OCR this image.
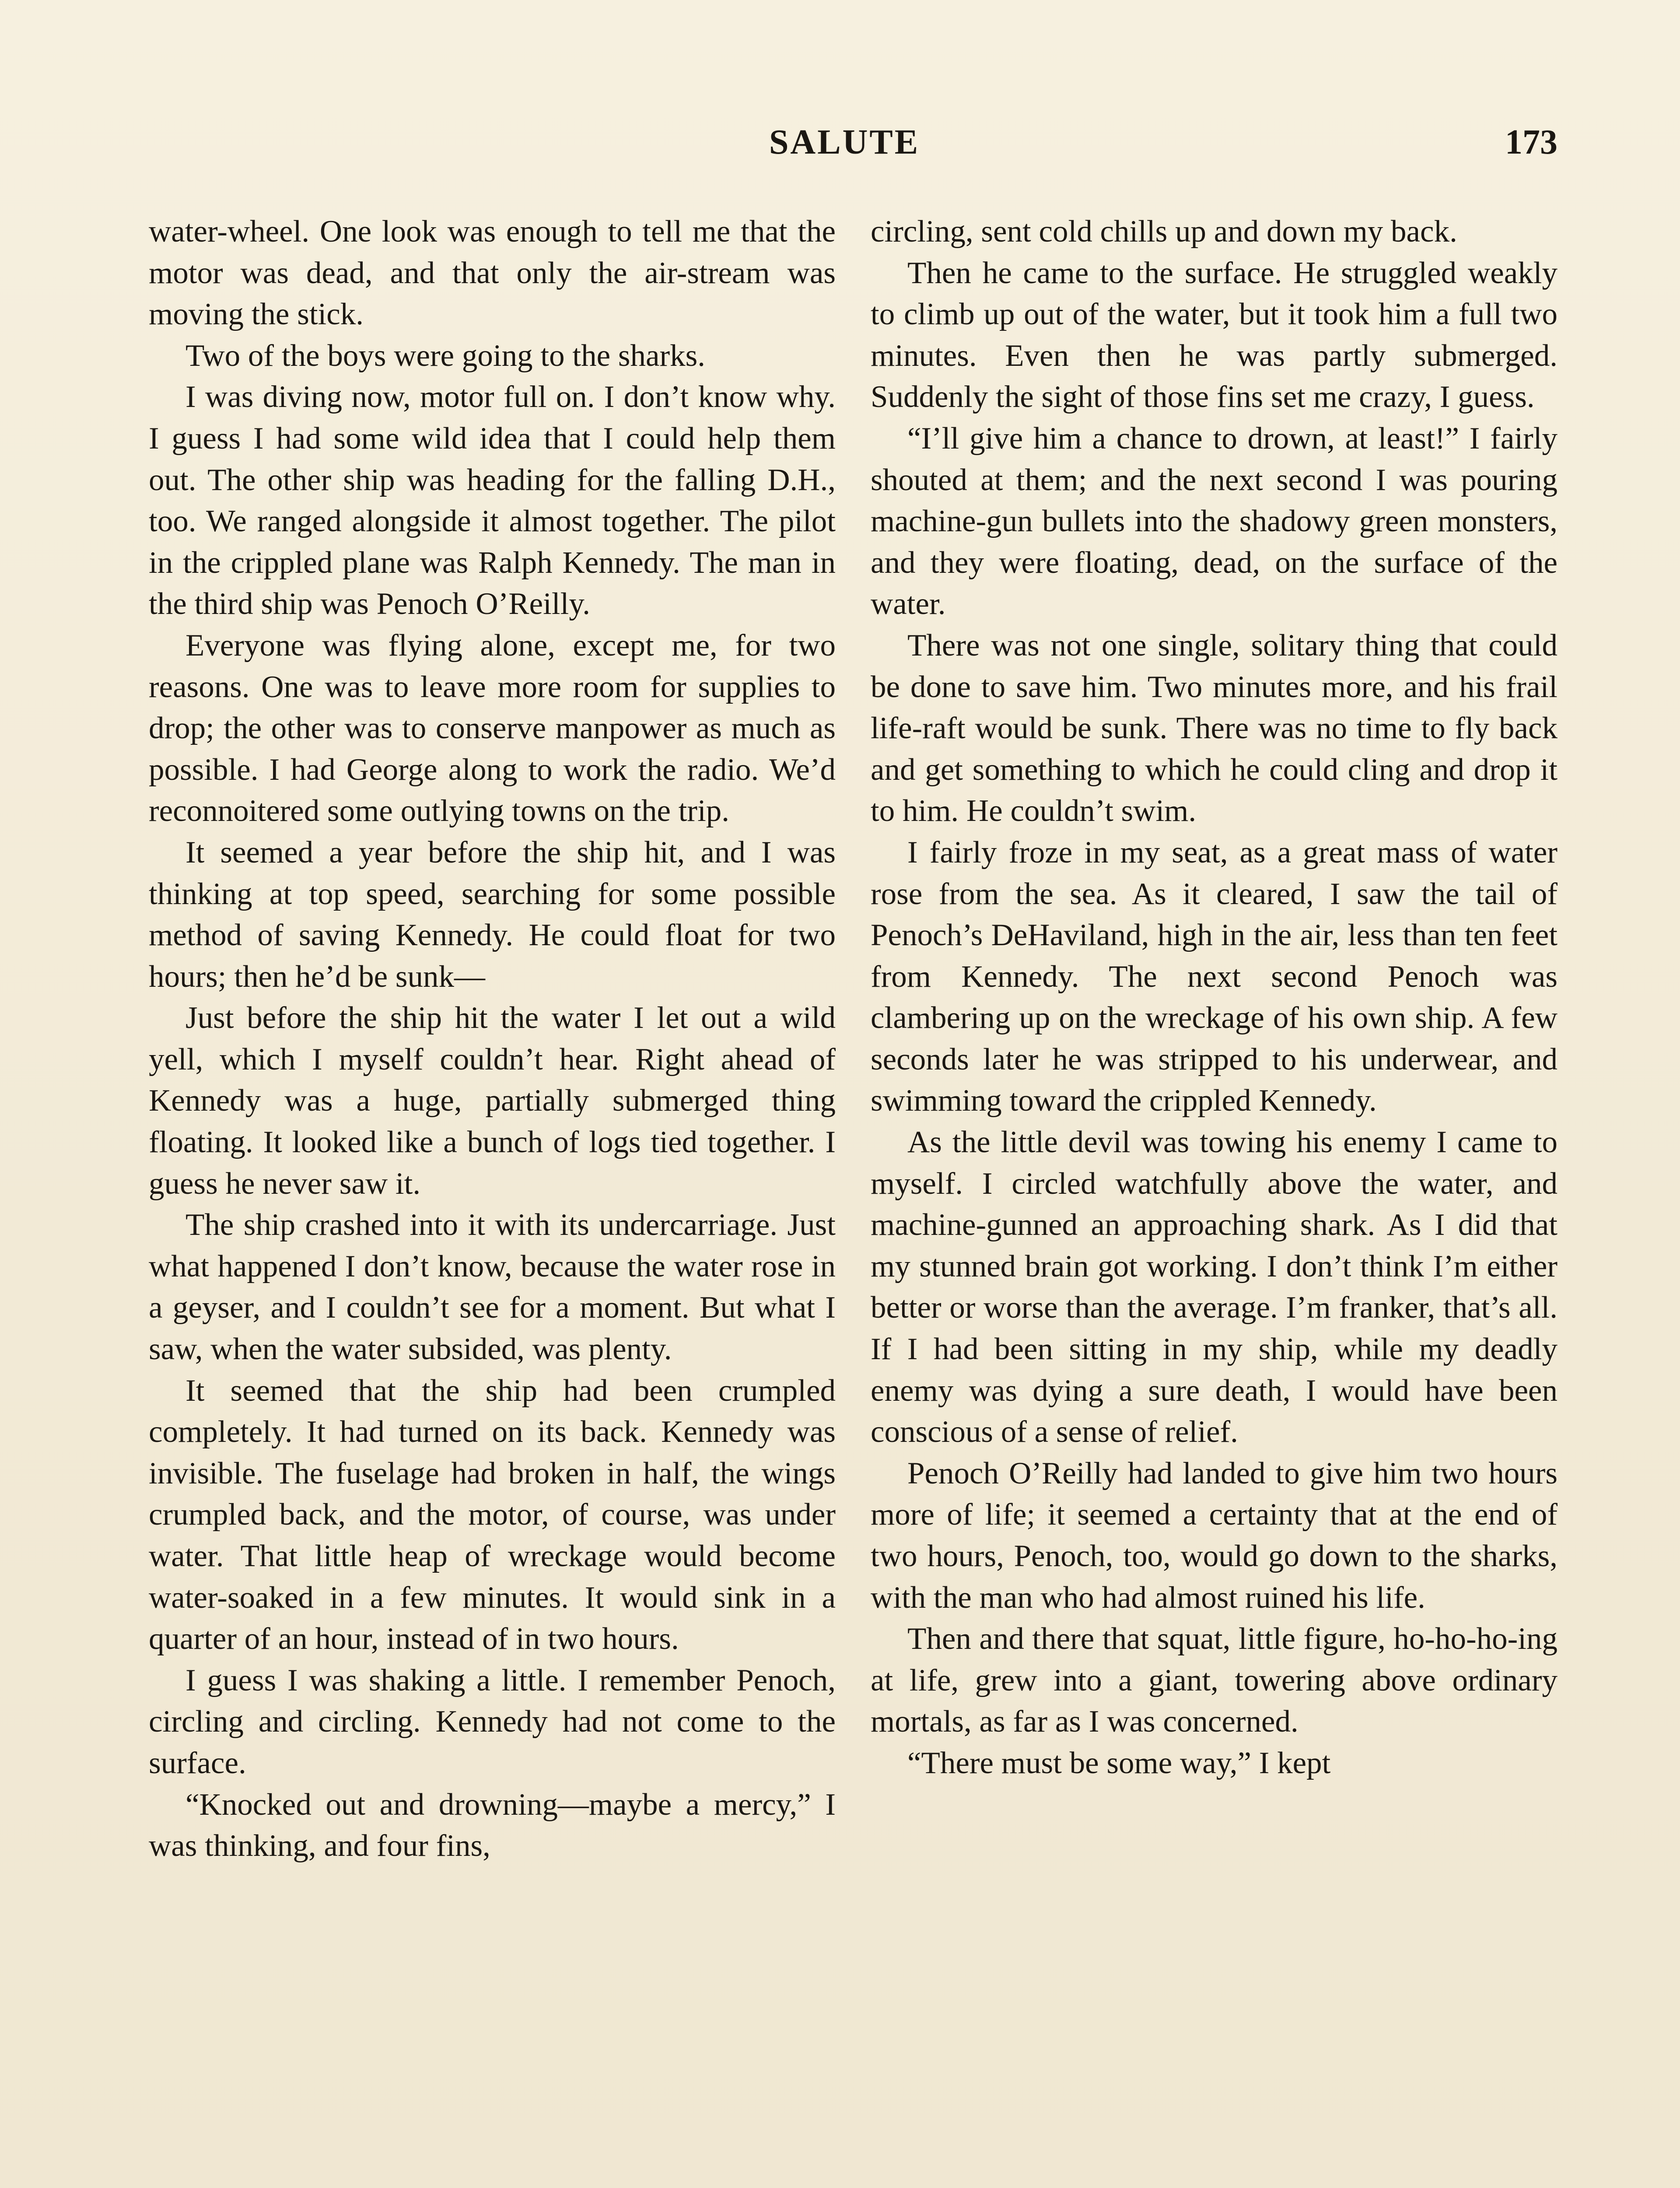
SALUTE	173

water-wheel. One look was enough to tell me that the motor was dead, and that only the air-stream was moving the stick.

Two of the boys were going to the sharks.

I was diving now, motor full on. I don’t know why. I guess I had some wild idea that I could help them out. The other ship was heading for the falling D.H., too. We ranged alongside it almost together. The pilot in the crippled plane was Ralph Kennedy. The man in the third ship was Penoch O’Reilly.

Everyone was flying alone, except me, for two reasons. One was to leave more room for supplies to drop; the other was to conserve manpower as much as possible. I had George along to work the radio. We’d reconnoitered some outlying towns on the trip.

It seemed a year before the ship hit, and I was thinking at top speed, searching for some possible method of saving Kennedy. He could float for two hours; then he’d be sunk—

Just before the ship hit the water I let out a wild yell, which I myself couldn’t hear. Right ahead of Kennedy was a huge, partially submerged thing floating. It looked like a bunch of logs tied together. I guess he never saw it.

The ship crashed into it with its undercarriage. Just what happened I don’t know, because the water rose in a geyser, and I couldn’t see for a moment. But what I saw, when the water subsided, was plenty.

It seemed that the ship had been crumpled completely. It had turned on its back. Kennedy was invisible. The fuselage had broken in half, the wings crumpled back, and the motor, of course, was under water. That little heap of wreckage would become water-soaked in a few minutes. It would sink in a quarter of an hour, instead of in two hours.

I guess I was shaking a little. I remember Penoch, circling and circling. Kennedy had not come to the surface.

“Knocked out and drowning—maybe a mercy,” I was thinking, and four fins,

circling, sent cold chills up and down my back.

Then he came to the surface. He struggled weakly to climb up out of the water, but it took him a full two minutes. Even then he was partly submerged. Suddenly the sight of those fins set me crazy, I guess.

“I’ll give him a chance to drown, at least!” I fairly shouted at them; and the next second I was pouring machine-gun bullets into the shadowy green monsters, and they were floating, dead, on the surface of the water.

There was not one single, solitary thing that could be done to save him. Two minutes more, and his frail life-raft would be sunk. There was no time to fly back and get something to which he could cling and drop it to him. He couldn’t swim.

I fairly froze in my seat, as a great mass of water rose from the sea. As it cleared, I saw the tail of Penoch’s DeHaviland, high in the air, less than ten feet from Kennedy. The next second Penoch was clambering up on the wreckage of his own ship. A few seconds later he was stripped to his underwear, and swimming toward the crippled Kennedy.

As the little devil was towing his enemy I came to myself. I circled watchfully above the water, and machine-gunned an approaching shark. As I did that my stunned brain got working. I don’t think I’m either better or worse than the average. I’m franker, that’s all. If I had been sitting in my ship, while my deadly enemy was dying a sure death, I would have been conscious of a sense of relief.

Penoch O’Reilly had landed to give him two hours more of life; it seemed a certainty that at the end of two hours, Penoch, too, would go down to the sharks, with the man who had almost ruined his life.

Then and there that squat, little figure, ho-ho-ho-ing at life, grew into a giant, towering above ordinary mortals, as far as I was concerned.

“There must be some way,” I kept
